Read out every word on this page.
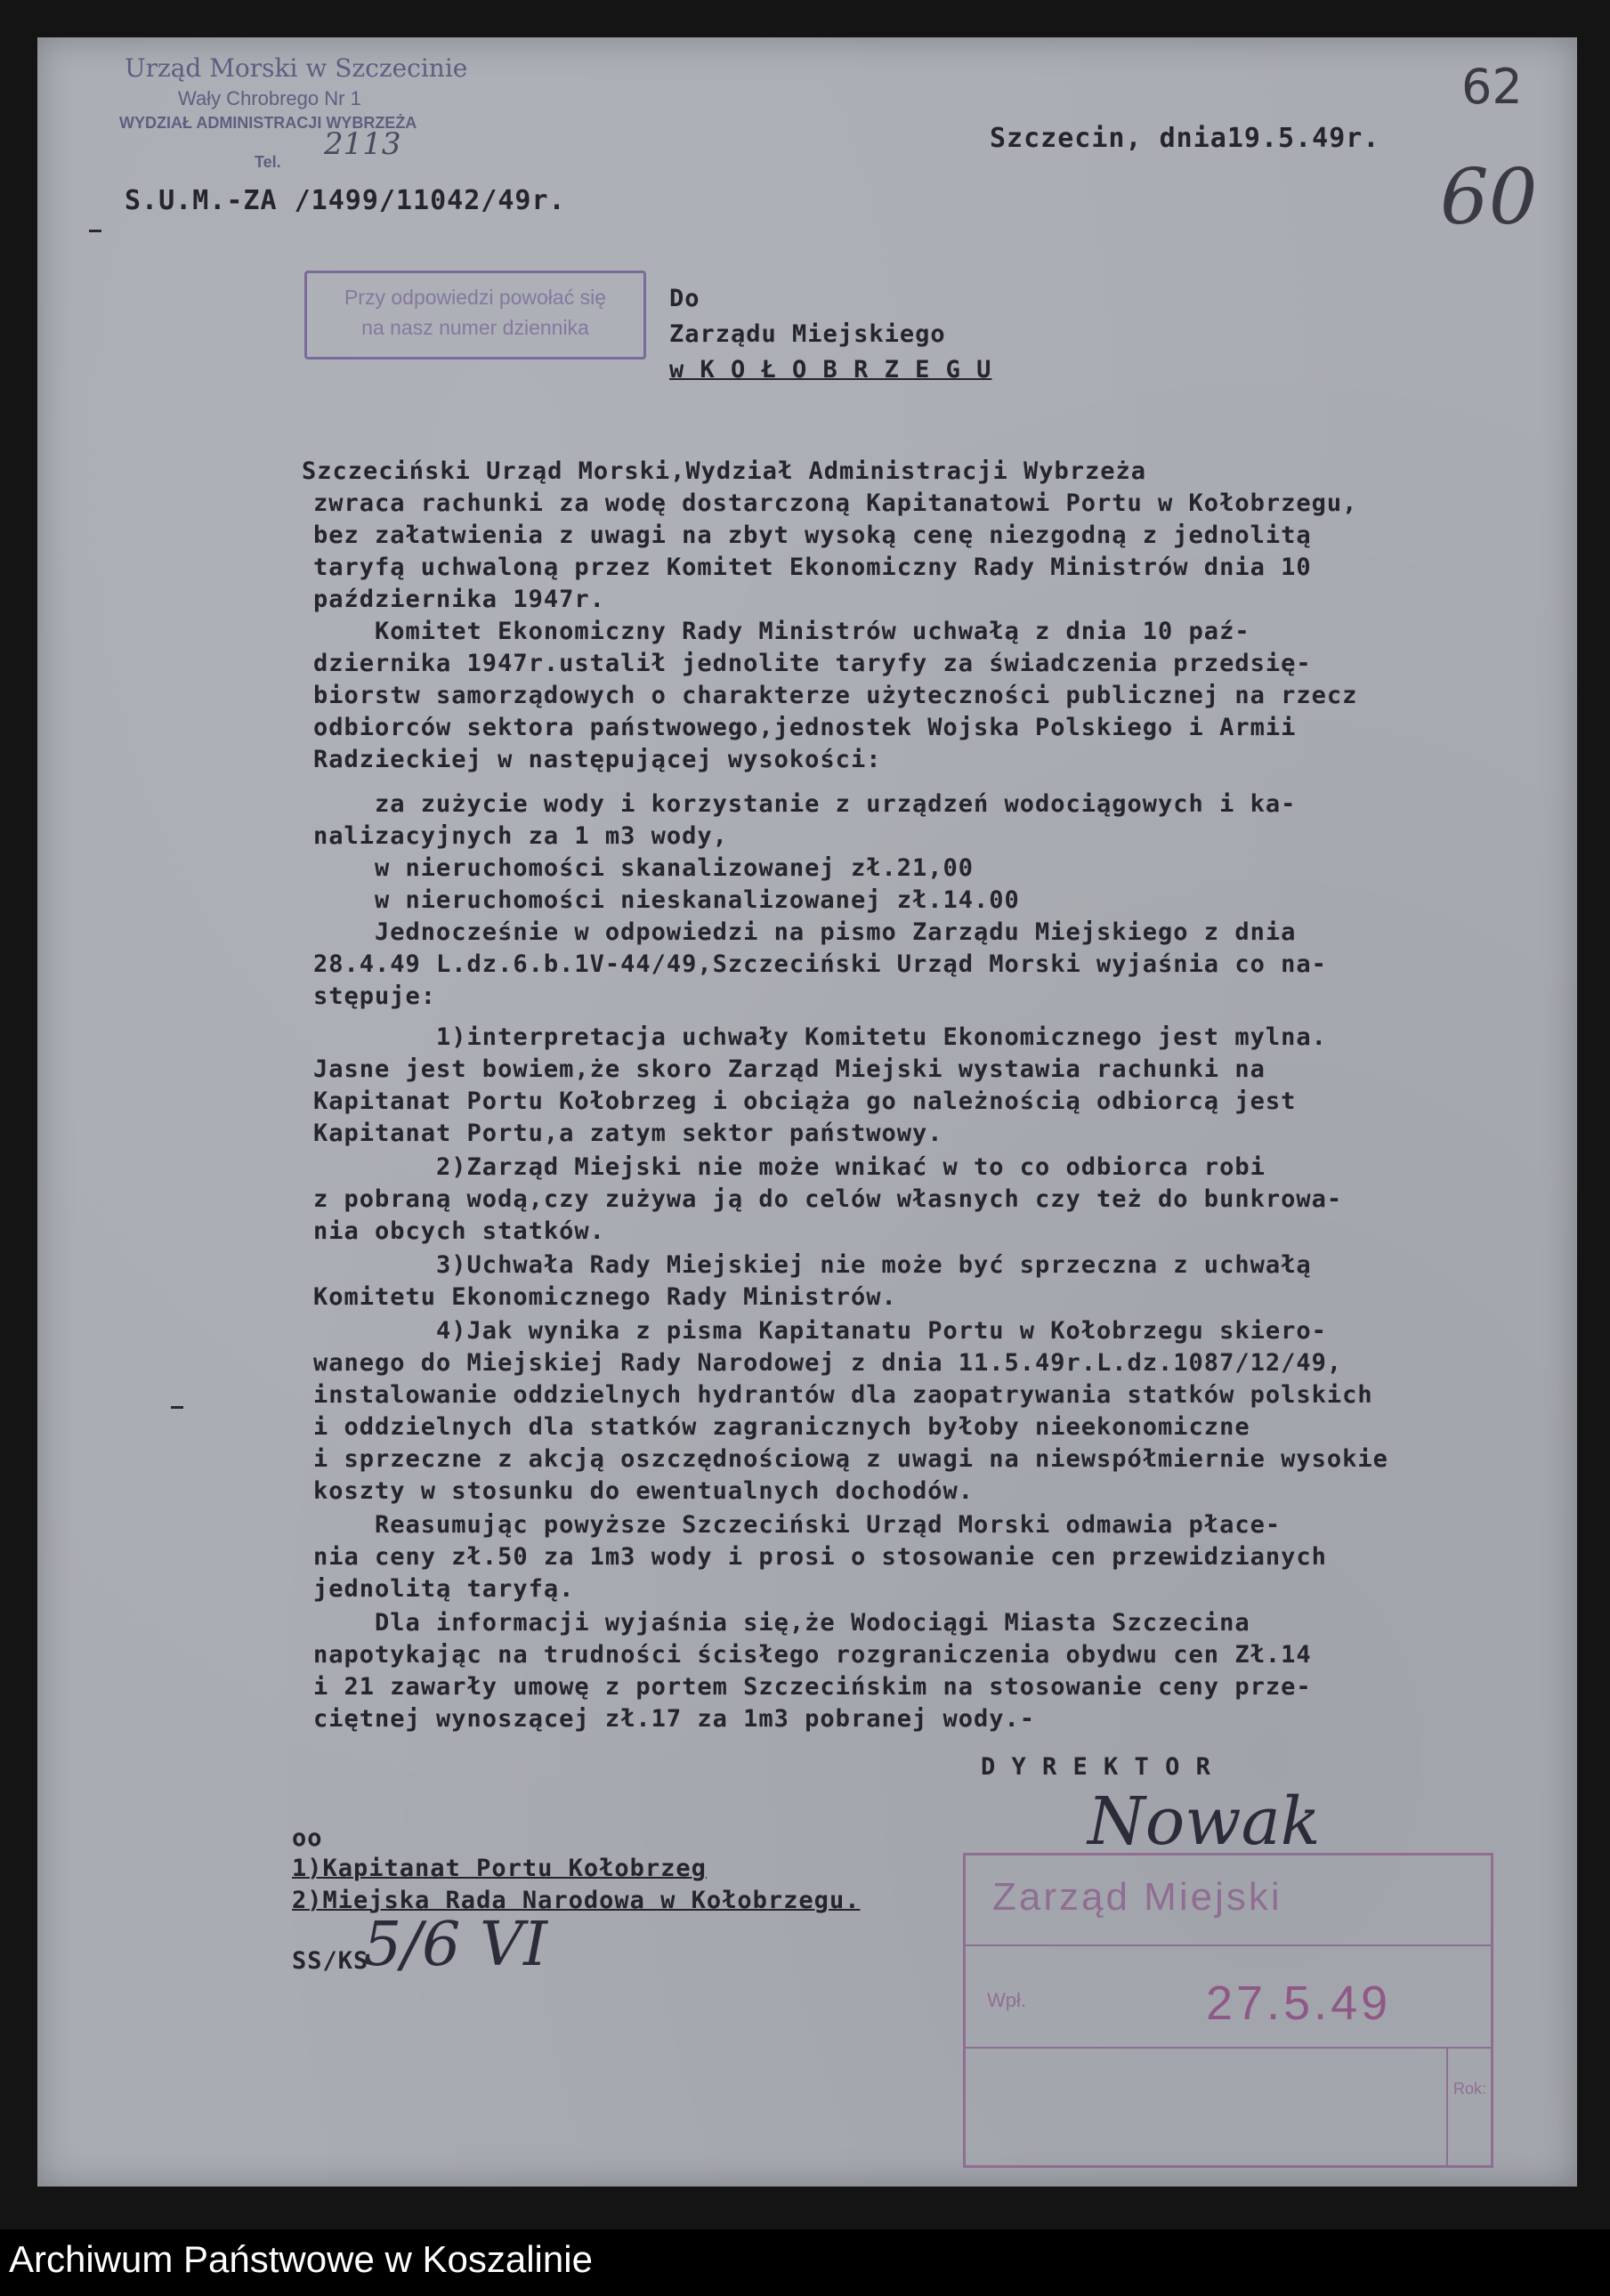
Urząd Morski w Szczecinie
Wały Chrobrego Nr 1
WYDZIAŁ ADMINISTRACJI WYBRZEŻA
Tel. 2113
S.U.M.-ZA /1499/11042/49r.
Przy odpowiedzi powołać się
na nasz numer dziennika
Szczecin, dnia19.5.49r.
62
60
Do
Zarządu Miejskiego
w K O Ł O B R Z E G U
Szczeciński Urząd Morski,Wydział Administracji Wybrzeża
zwraca rachunki za wodę dostarczoną Kapitanatowi Portu w Kołobrzegu,
bez załatwienia z uwagi na zbyt wysoką cenę niezgodną z jednolitą
taryfą uchwaloną przez Komitet Ekonomiczny Rady Ministrów dnia 10
października 1947r.
Komitet Ekonomiczny Rady Ministrów uchwałą z dnia 10 paź-
dziernika 1947r.ustalił jednolite taryfy za świadczenia przedsię-
biorstw samorządowych o charakterze użyteczności publicznej na rzecz
odbiorców sektora państwowego,jednostek Wojska Polskiego i Armii
Radzieckiej w następującej wysokości:
za zużycie wody i korzystanie z urządzeń wodociągowych i ka-
nalizacyjnych za 1 m3 wody,
w nieruchomości skanalizowanej zł.21,00
w nieruchomości nieskanalizowanej zł.14.00
Jednocześnie w odpowiedzi na pismo Zarządu Miejskiego z dnia
28.4.49 L.dz.6.b.1V-44/49,Szczeciński Urząd Morski wyjaśnia co na-
stępuje:
1)interpretacja uchwały Komitetu Ekonomicznego jest mylna.
Jasne jest bowiem,że skoro Zarząd Miejski wystawia rachunki na
Kapitanat Portu Kołobrzeg i obciąża go należnością odbiorcą jest
Kapitanat Portu,a zatym sektor państwowy.
2)Zarząd Miejski nie może wnikać w to co odbiorca robi
z pobraną wodą,czy zużywa ją do celów własnych czy też do bunkrowa-
nia obcych statków.
3)Uchwała Rady Miejskiej nie może być sprzeczna z uchwałą
Komitetu Ekonomicznego Rady Ministrów.
4)Jak wynika z pisma Kapitanatu Portu w Kołobrzegu skiero-
wanego do Miejskiej Rady Narodowej z dnia 11.5.49r.L.dz.1087/12/49,
instalowanie oddzielnych hydrantów dla zaopatrywania statków polskich
i oddzielnych dla statków zagranicznych byłoby nieekonomiczne
i sprzeczne z akcją oszczędnościową z uwagi na niewspółmiernie wysokie
koszty w stosunku do ewentualnych dochodów.
Reasumując powyższe Szczeciński Urząd Morski odmawia płace-
nia ceny zł.50 za 1m3 wody i prosi o stosowanie cen przewidzianych
jednolitą taryfą.
Dla informacji wyjaśnia się,że Wodociągi Miasta Szczecina
napotykając na trudności ścisłego rozgraniczenia obydwu cen Zł.14
i 21 zawarły umowę z portem Szczecińskim na stosowanie ceny prze-
ciętnej wynoszącej zł.17 za 1m3 pobranej wody.-
D Y R E K T O R
Nowak
oo
1)Kapitanat Portu Kołobrzeg
2)Miejska Rada Narodowa w Kołobrzegu.
SS/KS
5/6 VI
Zarząd Miejski
Wpł.	27.5.49
Rok:
Archiwum Państwowe w Koszalinie
